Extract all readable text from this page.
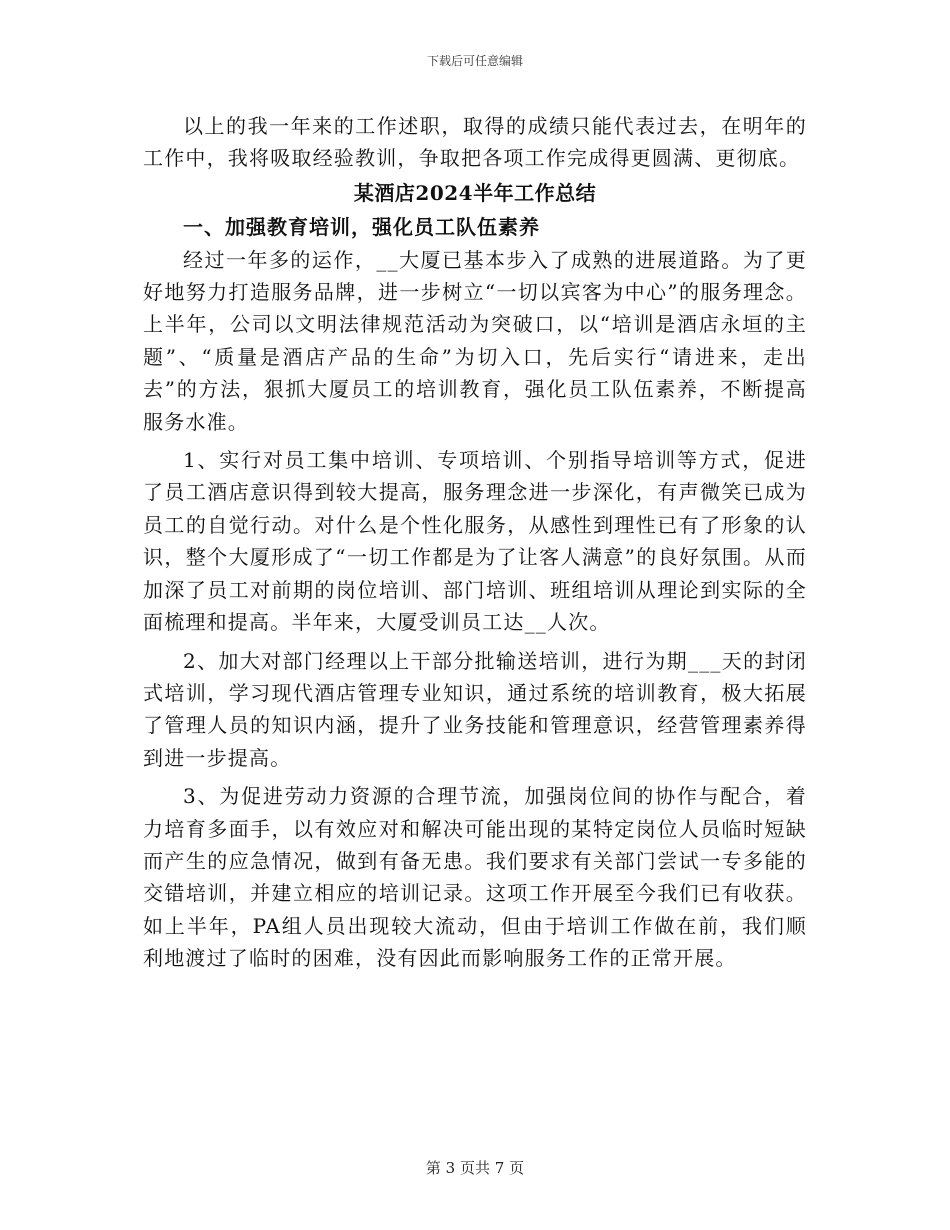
下载后可任意编辑

以上的我一年来的工作述职，取得的成绩只能代表过去，在明年的工作中，我将吸取经验教训，争取把各项工作完成得更圆满、更彻底。

某酒店2024半年工作总结

一、加强教育培训，强化员工队伍素养

经过一年多的运作，__大厦已基本步入了成熟的进展道路。为了更好地努力打造服务品牌，进一步树立“一切以宾客为中心”的服务理念。上半年，公司以文明法律规范活动为突破口，以“培训是酒店永垣的主题”、“质量是酒店产品的生命”为切入口，先后实行“请进来，走出去”的方法，狠抓大厦员工的培训教育，强化员工队伍素养，不断提高服务水准。

1、实行对员工集中培训、专项培训、个别指导培训等方式，促进了员工酒店意识得到较大提高，服务理念进一步深化，有声微笑已成为员工的自觉行动。对什么是个性化服务，从感性到理性已有了形象的认识，整个大厦形成了“一切工作都是为了让客人满意”的良好氛围。从而加深了员工对前期的岗位培训、部门培训、班组培训从理论到实际的全面梳理和提高。半年来，大厦受训员工达__人次。

2、加大对部门经理以上干部分批输送培训，进行为期___天的封闭式培训，学习现代酒店管理专业知识，通过系统的培训教育，极大拓展了管理人员的知识内涵，提升了业务技能和管理意识，经营管理素养得到进一步提高。

3、为促进劳动力资源的合理节流，加强岗位间的协作与配合，着力培育多面手，以有效应对和解决可能出现的某特定岗位人员临时短缺而产生的应急情况，做到有备无患。我们要求有关部门尝试一专多能的交错培训，并建立相应的培训记录。这项工作开展至今我们已有收获。如上半年，PA组人员出现较大流动，但由于培训工作做在前，我们顺利地渡过了临时的困难，没有因此而影响服务工作的正常开展。

第 3 页共 7 页
